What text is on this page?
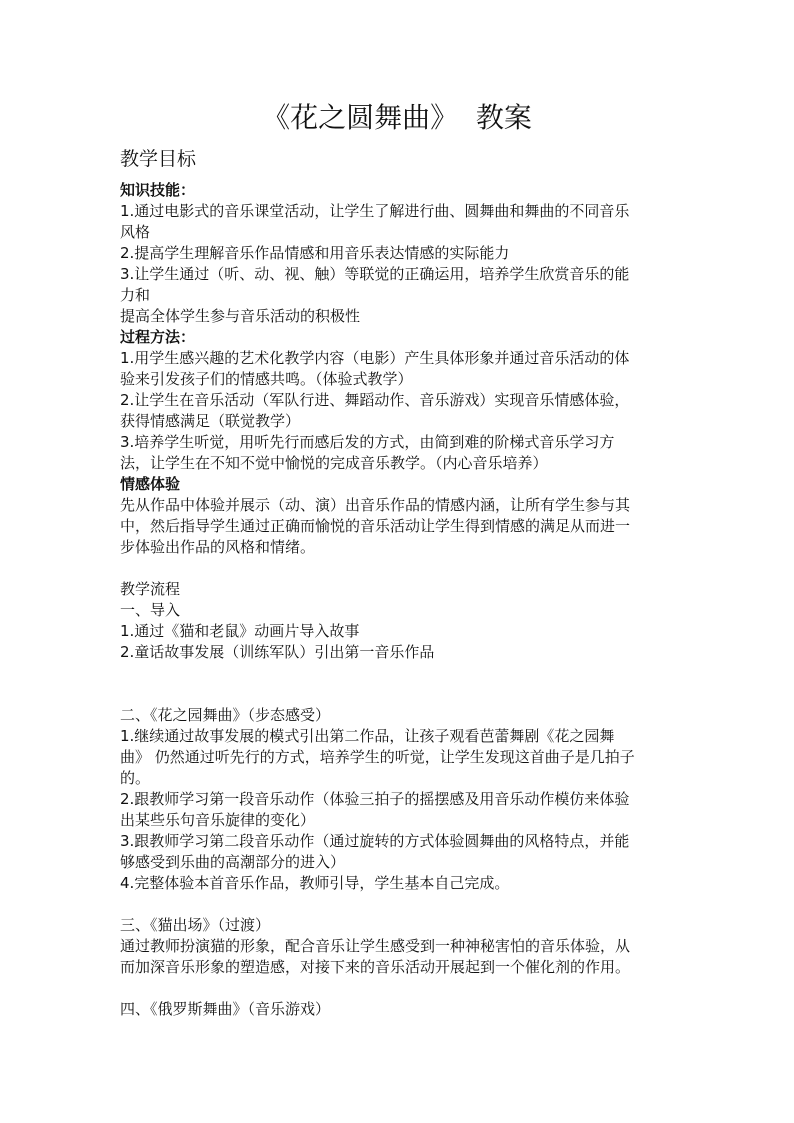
《花之圆舞曲》  教案
教学目标
知识技能：
1.通过电影式的音乐课堂活动，让学生了解进行曲、圆舞曲和舞曲的不同音乐
风格
2.提高学生理解音乐作品情感和用音乐表达情感的实际能力
3.让学生通过（听、动、视、触）等联觉的正确运用，培养学生欣赏音乐的能
力和
提高全体学生参与音乐活动的积极性
过程方法：
1.用学生感兴趣的艺术化教学内容（电影）产生具体形象并通过音乐活动的体
验来引发孩子们的情感共鸣。（体验式教学）
2.让学生在音乐活动（军队行进、舞蹈动作、音乐游戏）实现音乐情感体验，
获得情感满足（联觉教学）
3.培养学生听觉，用听先行而感后发的方式，由简到难的阶梯式音乐学习方
法，让学生在不知不觉中愉悦的完成音乐教学。（内心音乐培养）
情感体验
先从作品中体验并展示（动、演）出音乐作品的情感内涵，让所有学生参与其
中，然后指导学生通过正确而愉悦的音乐活动让学生得到情感的满足从而进一
步体验出作品的风格和情绪。
教学流程
一、导入
1.通过《猫和老鼠》动画片导入故事
2.童话故事发展（训练军队）引出第一音乐作品
二、《花之园舞曲》（步态感受）
1.继续通过故事发展的模式引出第二作品，让孩子观看芭蕾舞剧《花之园舞
曲》 仍然通过听先行的方式，培养学生的听觉，让学生发现这首曲子是几拍子
的。
2.跟教师学习第一段音乐动作（体验三拍子的摇摆感及用音乐动作模仿来体验
出某些乐句音乐旋律的变化）
3.跟教师学习第二段音乐动作（通过旋转的方式体验圆舞曲的风格特点，并能
够感受到乐曲的高潮部分的进入）
4.完整体验本首音乐作品，教师引导，学生基本自己完成。
三、《猫出场》（过渡）
通过教师扮演猫的形象，配合音乐让学生感受到一种神秘害怕的音乐体验，从
而加深音乐形象的塑造感，对接下来的音乐活动开展起到一个催化剂的作用。
四、《俄罗斯舞曲》（音乐游戏）
